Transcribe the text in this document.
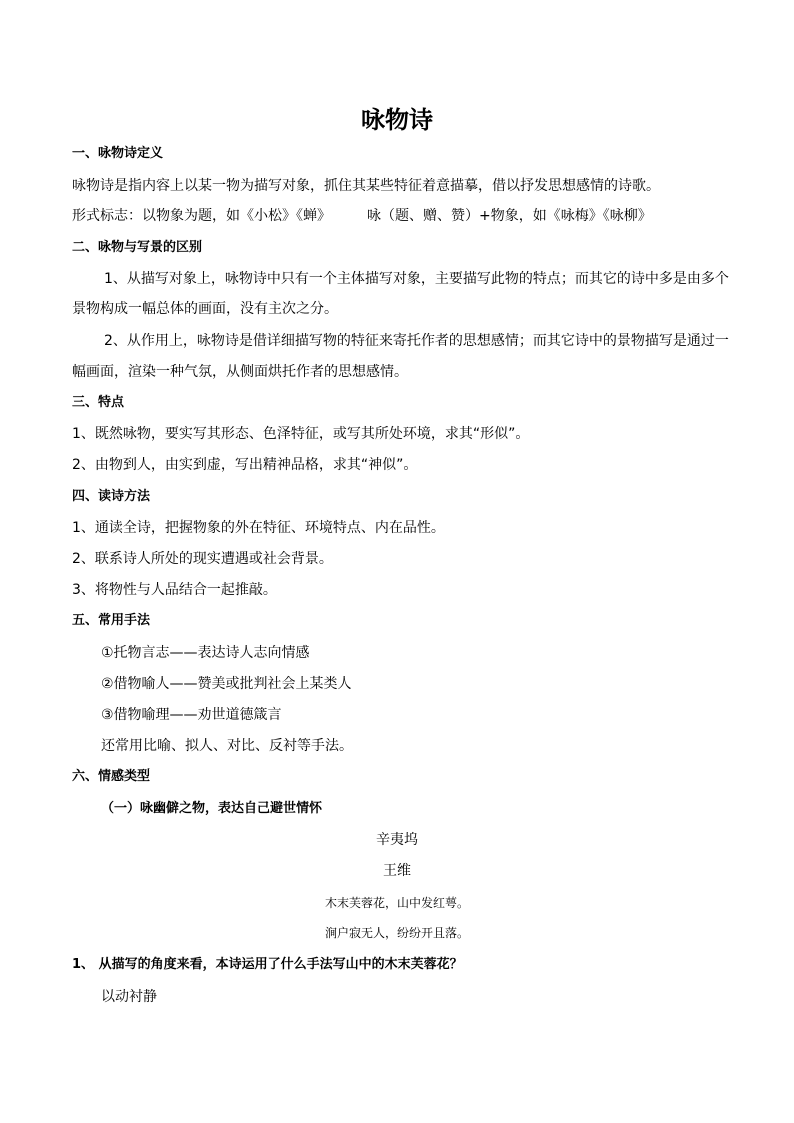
咏物诗
一、咏物诗定义
咏物诗是指内容上以某一物为描写对象，抓住其某些特征着意描摹，借以抒发思想感情的诗歌。
形式标志：以物象为题，如《小松》《蝉》	咏（题、赠、赞）+物象，如《咏梅》《咏柳》
二、咏物与写景的区别
1、从描写对象上，咏物诗中只有一个主体描写对象，主要描写此物的特点；而其它的诗中多是由多个
景物构成一幅总体的画面，没有主次之分。
2、从作用上，咏物诗是借详细描写物的特征来寄托作者的思想感情；而其它诗中的景物描写是通过一
幅画面，渲染一种气氛，从侧面烘托作者的思想感情。
三、特点
1、既然咏物，要实写其形态、色泽特征，或写其所处环境，求其“形似”。
2、由物到人，由实到虚，写出精神品格，求其“神似”。
四、读诗方法
1、通读全诗，把握物象的外在特征、环境特点、内在品性。
2、联系诗人所处的现实遭遇或社会背景。
3、将物性与人品结合一起推敲。
五、常用手法
①托物言志——表达诗人志向情感
②借物喻人——赞美或批判社会上某类人
③借物喻理——劝世道德箴言
还常用比喻、拟人、对比、反衬等手法。
六、情感类型
（一）咏幽僻之物，表达自己避世情怀
辛夷坞
王维
木末芙蓉花，山中发红萼。
涧户寂无人，纷纷开且落。
1、 从描写的角度来看，本诗运用了什么手法写山中的木末芙蓉花？
以动衬静
